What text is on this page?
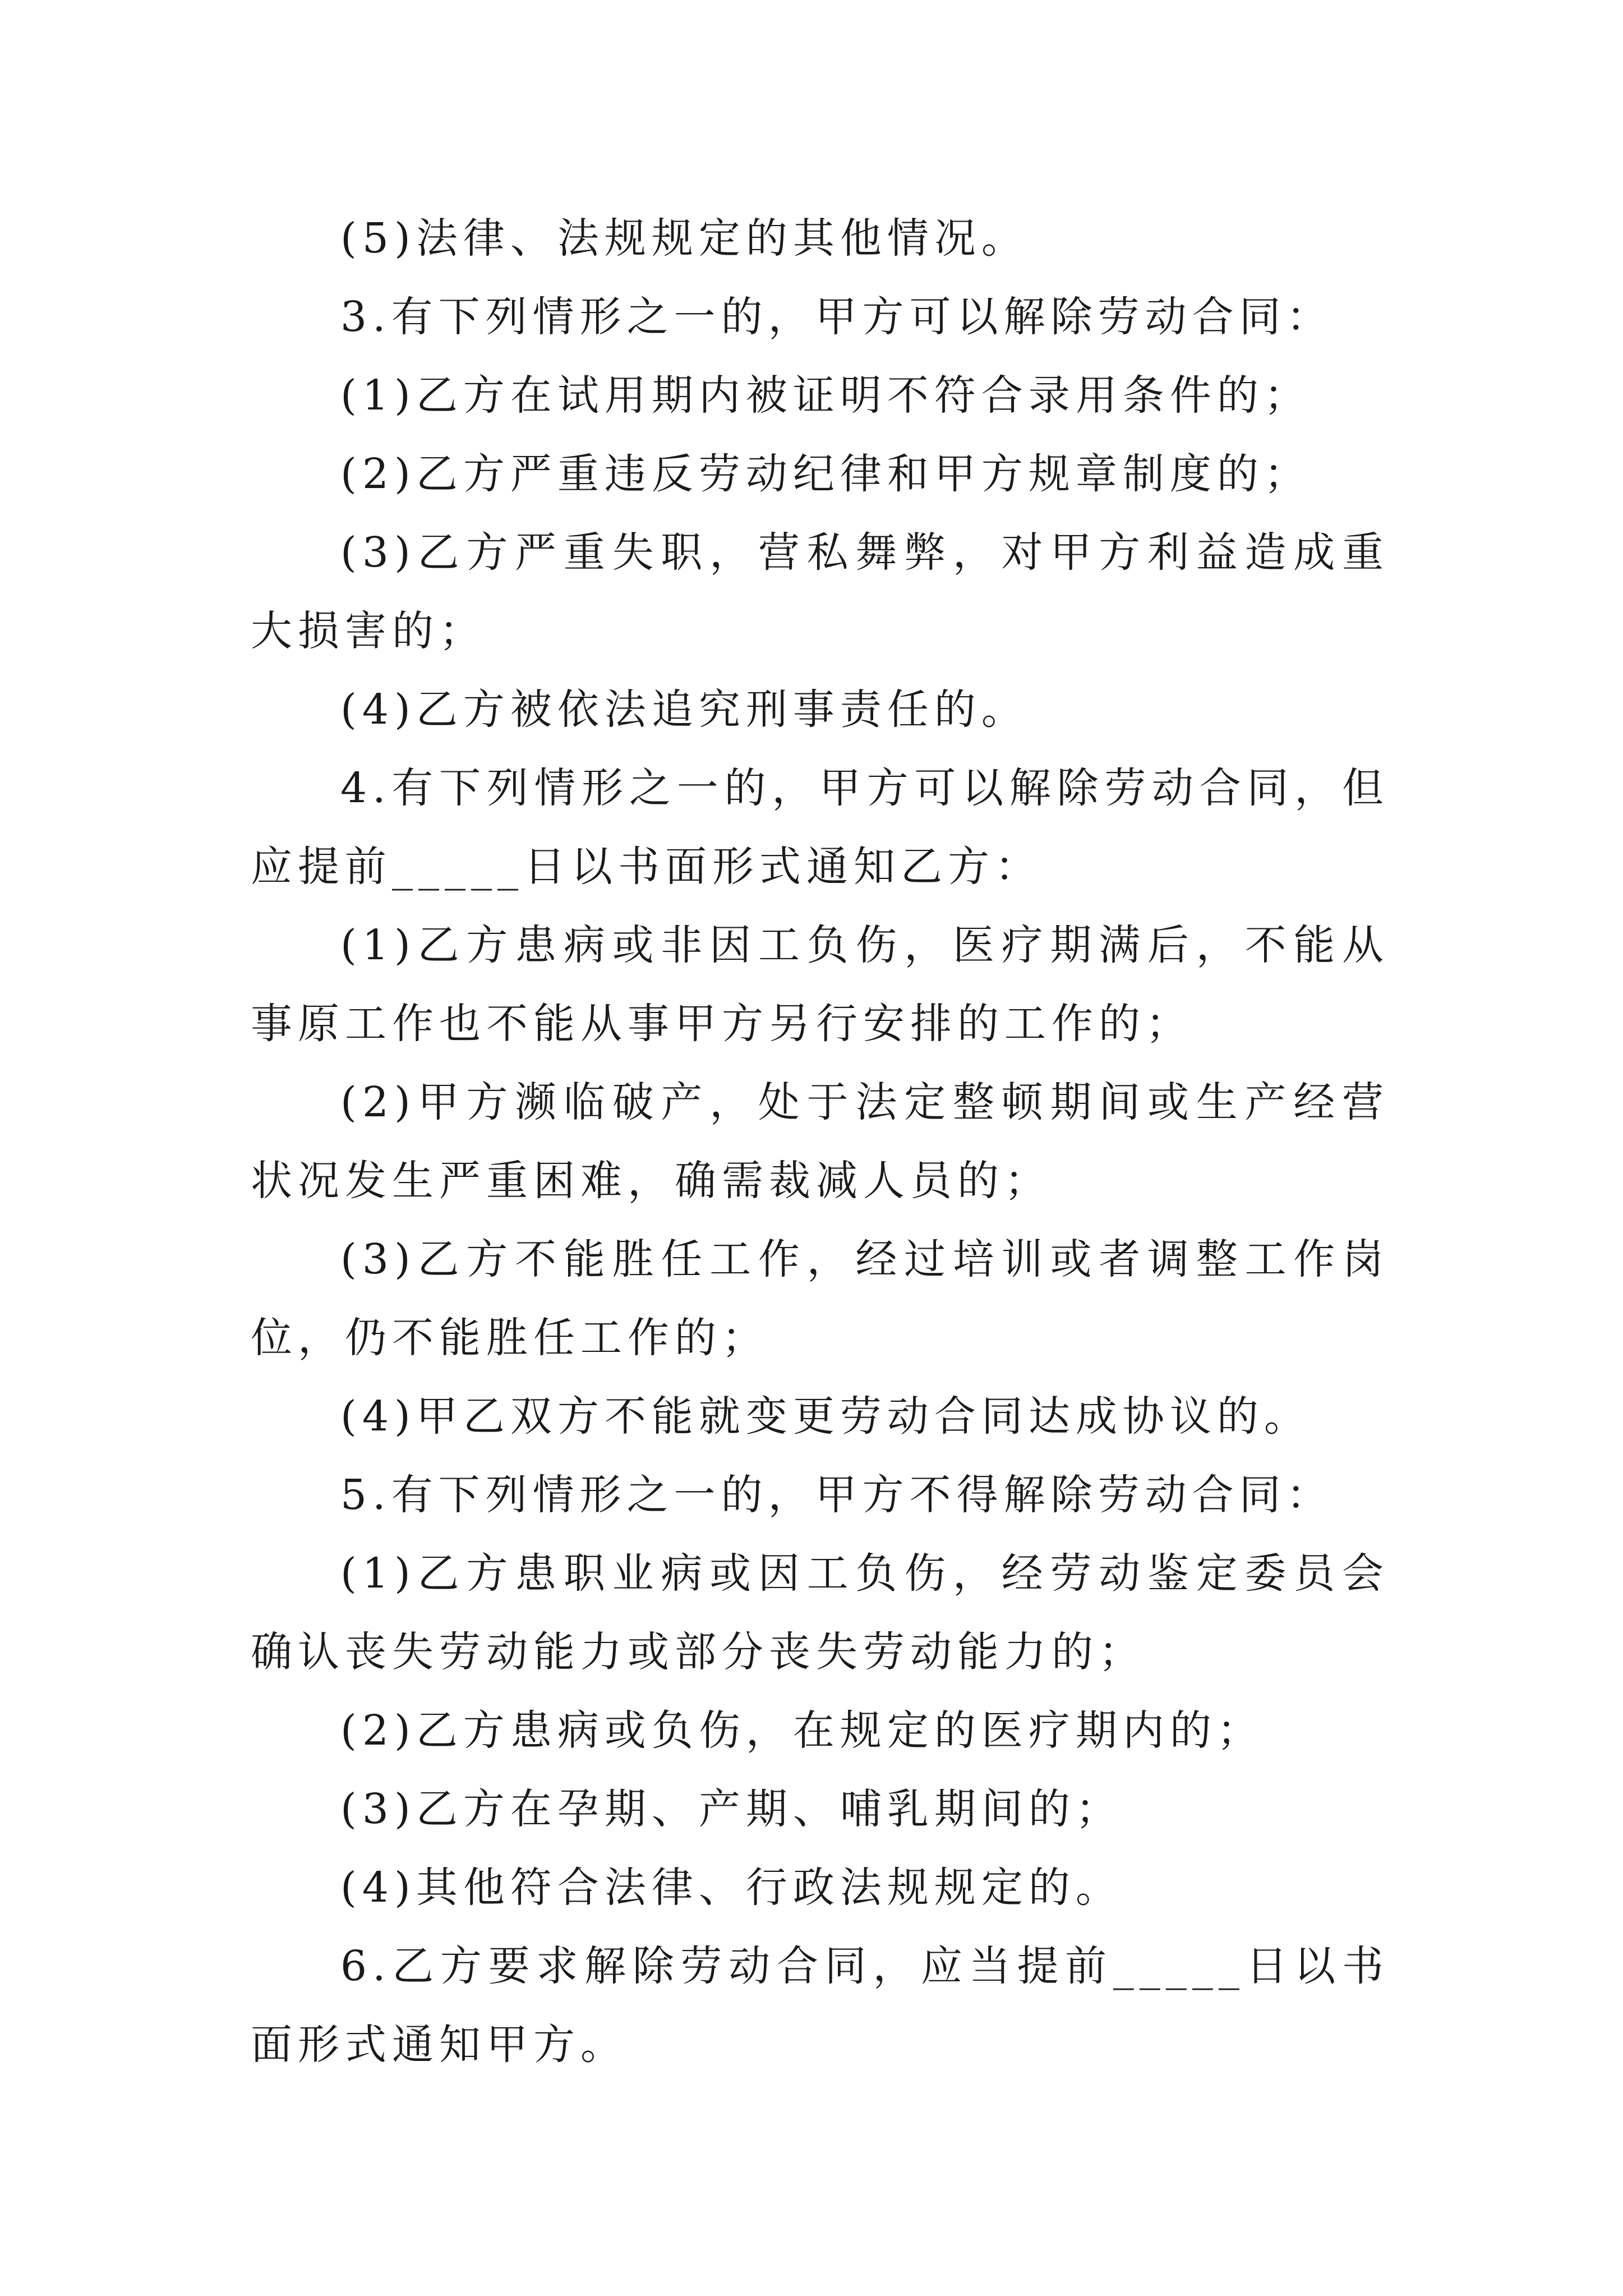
(5)法律、法规规定的其他情况。

3.有下列情形之一的，甲方可以解除劳动合同：

(1)乙方在试用期内被证明不符合录用条件的；

(2)乙方严重违反劳动纪律和甲方规章制度的；

(3)乙方严重失职，营私舞弊，对甲方利益造成重大损害的；

(4)乙方被依法追究刑事责任的。

4.有下列情形之一的，甲方可以解除劳动合同，但应提前_____日以书面形式通知乙方：

(1)乙方患病或非因工负伤，医疗期满后，不能从事原工作也不能从事甲方另行安排的工作的；

(2)甲方濒临破产，处于法定整顿期间或生产经营状况发生严重困难，确需裁减人员的；

(3)乙方不能胜任工作，经过培训或者调整工作岗位，仍不能胜任工作的；

(4)甲乙双方不能就变更劳动合同达成协议的。

5.有下列情形之一的，甲方不得解除劳动合同：

(1)乙方患职业病或因工负伤，经劳动鉴定委员会确认丧失劳动能力或部分丧失劳动能力的；

(2)乙方患病或负伤，在规定的医疗期内的；

(3)乙方在孕期、产期、哺乳期间的；

(4)其他符合法律、行政法规规定的。

6.乙方要求解除劳动合同，应当提前_____日以书面形式通知甲方。
